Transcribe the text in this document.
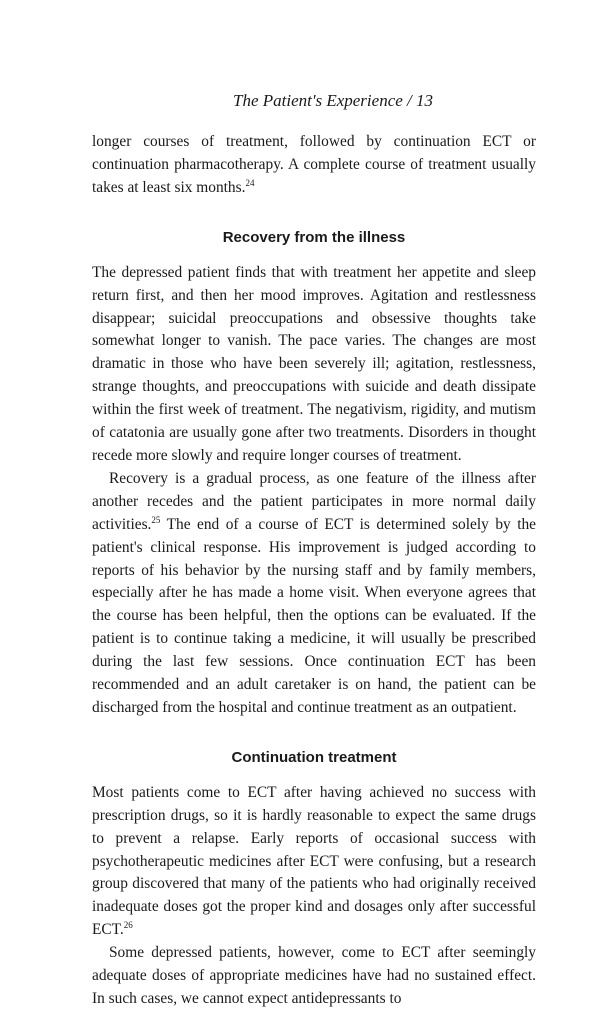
The Patient's Experience / 13

longer courses of treatment, followed by continuation ECT or continuation pharmacotherapy. A complete course of treatment usually takes at least six months.$^{24}$

Recovery from the illness

The depressed patient finds that with treatment her appetite and sleep return first, and then her mood improves. Agitation and restlessness disappear; suicidal preoccupations and obsessive thoughts take somewhat longer to vanish. The pace varies. The changes are most dramatic in those who have been severely ill; agitation, restlessness, strange thoughts, and preoccupations with suicide and death dissipate within the first week of treatment. The negativism, rigidity, and mutism of catatonia are usually gone after two treatments. Disorders in thought recede more slowly and require longer courses of treatment.

Recovery is a gradual process, as one feature of the illness after another recedes and the patient participates in more normal daily activities.$^{25}$ The end of a course of ECT is determined solely by the patient's clinical response. His improvement is judged according to reports of his behavior by the nursing staff and by family members, especially after he has made a home visit. When everyone agrees that the course has been helpful, then the options can be evaluated. If the patient is to continue taking a medicine, it will usually be prescribed during the last few sessions. Once continuation ECT has been recommended and an adult caretaker is on hand, the patient can be discharged from the hospital and continue treatment as an outpatient.

Continuation treatment

Most patients come to ECT after having achieved no success with prescription drugs, so it is hardly reasonable to expect the same drugs to prevent a relapse. Early reports of occasional success with psychotherapeutic medicines after ECT were confusing, but a research group discovered that many of the patients who had originally received inadequate doses got the proper kind and dosages only after successful ECT.$^{26}$

Some depressed patients, however, come to ECT after seemingly adequate doses of appropriate medicines have had no sustained effect. In such cases, we cannot expect antidepressants to
